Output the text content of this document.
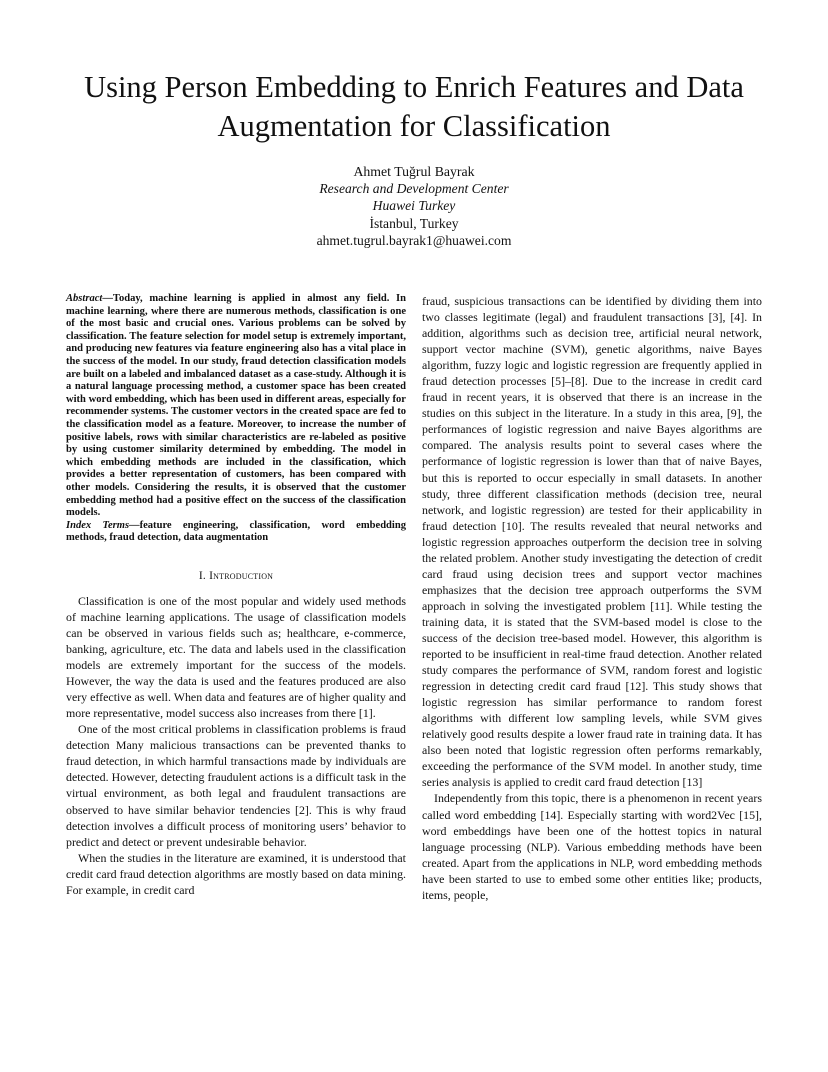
Using Person Embedding to Enrich Features and Data Augmentation for Classification
Ahmet Tuğrul Bayrak
Research and Development Center
Huawei Turkey
İstanbul, Turkey
ahmet.tugrul.bayrak1@huawei.com

Abstract—Today, machine learning is applied in almost any field. In machine learning, where there are numerous methods, classification is one of the most basic and crucial ones. Various problems can be solved by classification. The feature selection for model setup is extremely important, and producing new features via feature engineering also has a vital place in the success of the model. In our study, fraud detection classification models are built on a labeled and imbalanced dataset as a case-study. Although it is a natural language processing method, a customer space has been created with word embedding, which has been used in different areas, especially for recommender systems. The customer vectors in the created space are fed to the classification model as a feature. Moreover, to increase the number of positive labels, rows with similar characteristics are re-labeled as positive by using customer similarity determined by embedding. The model in which embedding methods are included in the classification, which provides a better representation of customers, has been compared with other models. Considering the results, it is observed that the customer embedding method had a positive effect on the success of the classification models.

Index Terms—feature engineering, classification, word embedding methods, fraud detection, data augmentation

I. Introduction

Classification is one of the most popular and widely used methods of machine learning applications. The usage of classification models can be observed in various fields such as; healthcare, e-commerce, banking, agriculture, etc. The data and labels used in the classification models are extremely important for the success of the models. However, the way the data is used and the features produced are also very effective as well. When data and features are of higher quality and more representative, model success also increases from there [1].

One of the most critical problems in classification problems is fraud detection Many malicious transactions can be prevented thanks to fraud detection, in which harmful transactions made by individuals are detected. However, detecting fraudulent actions is a difficult task in the virtual environment, as both legal and fraudulent transactions are observed to have similar behavior tendencies [2]. This is why fraud detection involves a difficult process of monitoring users’ behavior to predict and detect or prevent undesirable behavior.

When the studies in the literature are examined, it is understood that credit card fraud detection algorithms are mostly based on data mining. For example, in credit card

fraud, suspicious transactions can be identified by dividing them into two classes legitimate (legal) and fraudulent transactions [3], [4]. In addition, algorithms such as decision tree, artificial neural network, support vector machine (SVM), genetic algorithms, naive Bayes algorithm, fuzzy logic and logistic regression are frequently applied in fraud detection processes [5]–[8]. Due to the increase in credit card fraud in recent years, it is observed that there is an increase in the studies on this subject in the literature. In a study in this area, [9], the performances of logistic regression and naive Bayes algorithms are compared. The analysis results point to several cases where the performance of logistic regression is lower than that of naive Bayes, but this is reported to occur especially in small datasets. In another study, three different classification methods (decision tree, neural network, and logistic regression) are tested for their applicability in fraud detection [10]. The results revealed that neural networks and logistic regression approaches outperform the decision tree in solving the related problem. Another study investigating the detection of credit card fraud using decision trees and support vector machines emphasizes that the decision tree approach outperforms the SVM approach in solving the investigated problem [11]. While testing the training data, it is stated that the SVM-based model is close to the success of the decision tree-based model. However, this algorithm is reported to be insufficient in real-time fraud detection. Another related study compares the performance of SVM, random forest and logistic regression in detecting credit card fraud [12]. This study shows that logistic regression has similar performance to random forest algorithms with different low sampling levels, while SVM gives relatively good results despite a lower fraud rate in training data. It has also been noted that logistic regression often performs remarkably, exceeding the performance of the SVM model. In another study, time series analysis is applied to credit card fraud detection [13]

Independently from this topic, there is a phenomenon in recent years called word embedding [14]. Especially starting with word2Vec [15], word embeddings have been one of the hottest topics in natural language processing (NLP). Various embedding methods have been created. Apart from the applications in NLP, word embedding methods have been started to use to embed some other entities like; products, items, people,
